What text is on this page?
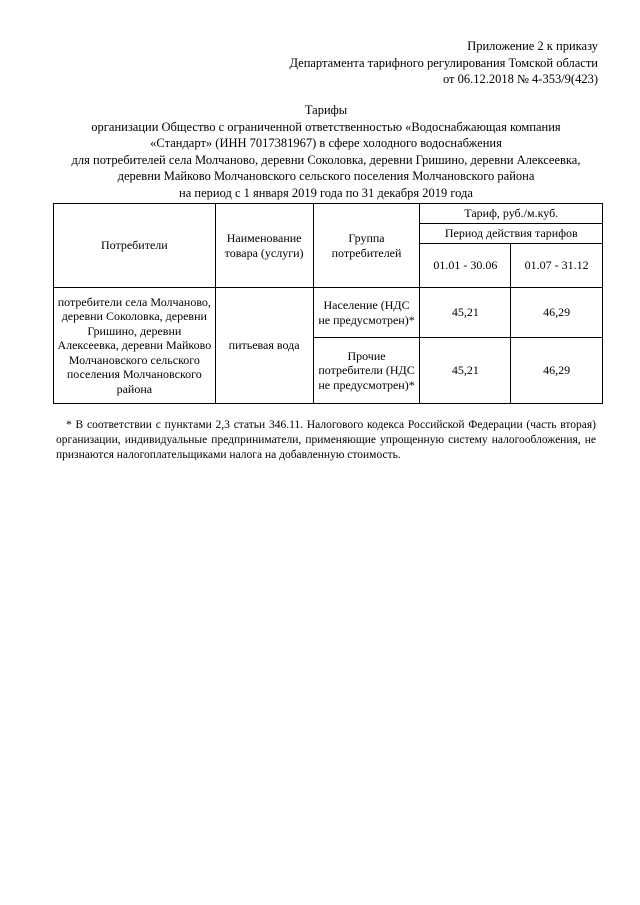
Приложение 2 к приказу
Департамента тарифного регулирования Томской области
от 06.12.2018 № 4-353/9(423)
Тарифы
организации Общество с ограниченной ответственностью «Водоснабжающая компания
«Стандарт» (ИНН 7017381967) в сфере холодного водоснабжения
для потребителей села Молчаново, деревни Соколовка, деревни Гришино, деревни Алексеевка,
деревни Майково Молчановского сельского поселения Молчановского района
на период с 1 января 2019 года по 31 декабря 2019 года
Потребители	Наименование товара (услуги)	Группа потребителей	Тариф, руб./м.куб.	
			Период действия тарифов	
			01.01 - 30.06	01.07 - 31.12
потребители села Молчаново, деревни Соколовка, деревни Гришино, деревни Алексеевка, деревни Майково Молчановского сельского поселения Молчановского района	питьевая вода	Население (НДС не предусмотрен)*	45,21	46,29
		Прочие потребители (НДС не предусмотрен)*	45,21	46,29
* В соответствии с пунктами 2,3 статьи 346.11. Налогового кодекса Российской Федерации (часть вторая) организации, индивидуальные предприниматели, применяющие упрощенную систему налогообложения, не признаются налогоплательщиками налога на добавленную стоимость.
